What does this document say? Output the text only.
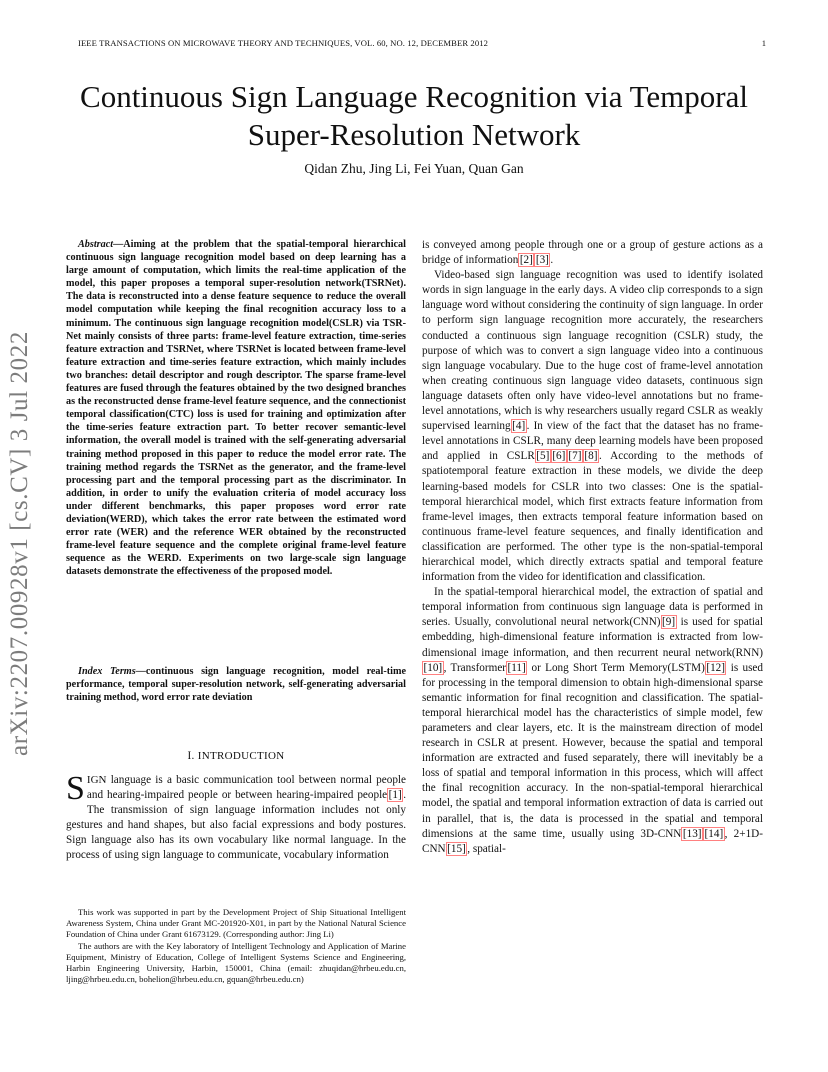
IEEE TRANSACTIONS ON MICROWAVE THEORY AND TECHNIQUES, VOL. 60, NO. 12, DECEMBER 2012	1
Continuous Sign Language Recognition via Temporal Super-Resolution Network
Qidan Zhu, Jing Li, Fei Yuan, Quan Gan
arXiv:2207.00928v1 [cs.CV] 3 Jul 2022
Abstract—Aiming at the problem that the spatial-temporal hierarchical continuous sign language recognition model based on deep learning has a large amount of computation, which limits the real-time application of the model, this paper proposes a temporal super-resolution network(TSRNet). The data is reconstructed into a dense feature sequence to reduce the overall model computation while keeping the final recognition accuracy loss to a minimum. The continuous sign language recognition model(CSLR) via TSR-Net mainly consists of three parts: frame-level feature extraction, time-series feature extraction and TSRNet, where TSRNet is located between frame-level feature extraction and time-series feature extraction, which mainly includes two branches: detail descriptor and rough descriptor. The sparse frame-level features are fused through the features obtained by the two designed branches as the reconstructed dense frame-level feature sequence, and the connectionist temporal classification(CTC) loss is used for training and optimization after the time-series feature extraction part. To better recover semantic-level information, the overall model is trained with the self-generating adversarial training method proposed in this paper to reduce the model error rate. The training method regards the TSRNet as the generator, and the frame-level processing part and the temporal processing part as the discriminator. In addition, in order to unify the evaluation criteria of model accuracy loss under different benchmarks, this paper proposes word error rate deviation(WERD), which takes the error rate between the estimated word error rate (WER) and the reference WER obtained by the reconstructed frame-level feature sequence and the complete original frame-level feature sequence as the WERD. Experiments on two large-scale sign language datasets demonstrate the effectiveness of the proposed model.
Index Terms—continuous sign language recognition, model real-time performance, temporal super-resolution network, self-generating adversarial training method, word error rate deviation
I. INTRODUCTION
SIGN language is a basic communication tool between normal people and hearing-impaired people or between hearing-impaired people [1] . The transmission of sign language information includes not only gestures and hand shapes, but also facial expressions and body postures. Sign language also has its own vocabulary like normal language. In the process of using sign language to communicate, vocabulary information

This work was supported in part by the Development Project of Ship Situational Intelligent Awareness System, China under Grant MC-201920-X01, in part by the National Natural Science Foundation of China under Grant 61673129. (Corresponding author: Jing Li)

The authors are with the Key laboratory of Intelligent Technology and Application of Marine Equipment, Ministry of Education, College of Intelligent Systems Science and Engineering, Harbin Engineering University, Harbin, 150001, China (email: zhuqidan@hrbeu.edu.cn, ljing@hrbeu.edu.cn, bohelion@hrbeu.edu.cn, gquan@hrbeu.edu.cn)

is conveyed among people through one or a group of gesture actions as a bridge of information [2] [3] .

Video-based sign language recognition was used to identify isolated words in sign language in the early days. A video clip corresponds to a sign language word without considering the continuity of sign language. In order to perform sign language recognition more accurately, the researchers conducted a continuous sign language recognition (CSLR) study, the purpose of which was to convert a sign language video into a continuous sign language vocabulary. Due to the huge cost of frame-level annotation when creating continuous sign language video datasets, continuous sign language datasets often only have video-level annotations but no frame-level annotations, which is why researchers usually regard CSLR as weakly supervised learning [4] . In view of the fact that the dataset has no frame-level annotations in CSLR, many deep learning models have been proposed and applied in CSLR [5] [6] [7] [8] . According to the methods of spatiotemporal feature extraction in these models, we divide the deep learning-based models for CSLR into two classes: One is the spatial-temporal hierarchical model, which first extracts feature information from frame-level images, then extracts temporal feature information based on continuous frame-level feature sequences, and finally identification and classification are performed. The other type is the non-spatial-temporal hierarchical model, which directly extracts spatial and temporal feature information from the video for identification and classification.

In the spatial-temporal hierarchical model, the extraction of spatial and temporal information from continuous sign language data is performed in series. Usually, convolutional neural network(CNN) [9] is used for spatial embedding, high-dimensional feature information is extracted from low-dimensional image information, and then recurrent neural network(RNN)[10] , Transformer [11] or Long Short Term Memory(LSTM) [12] is used for processing in the temporal dimension to obtain high-dimensional sparse semantic information for final recognition and classification. The spatial-temporal hierarchical model has the characteristics of simple model, few parameters and clear layers, etc. It is the mainstream direction of model research in CSLR at present. However, because the spatial and temporal information are extracted and fused separately, there will inevitably be a loss of spatial and temporal information in this process, which will affect the final recognition accuracy. In the non-spatial-temporal hierarchical model, the spatial and temporal information extraction of data is carried out in parallel, that is, the data is processed in the spatial and temporal dimensions at the same time, usually using 3D-CNN [13] [14] , 2+1D-CNN [15] , spatial-
